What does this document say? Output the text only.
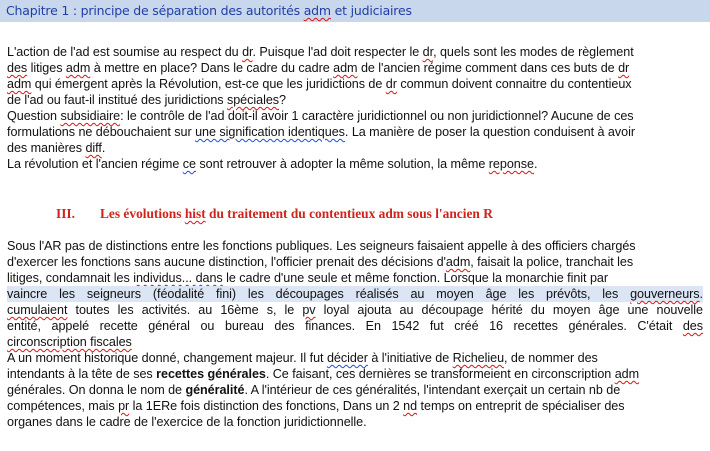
Chapitre 1 : principe de séparation des autorités adm et judiciaires
L'action de l'ad est soumise au respect du dr. Puisque l'ad doit respecter le dr, quels sont les modes de règlement
des litiges adm à mettre en place? Dans le cadre du cadre adm de l'ancien régime comment dans ces buts de dr
adm qui émergent après la Révolution, est-ce que les juridictions de dr commun doivent connaitre du contentieux
de l'ad ou faut-il institué des juridictions spéciales?
Question subsidiaire: le contrôle de l'ad doit-il avoir 1 caractère juridictionnel ou non juridictionnel? Aucune de ces
formulations ne débouchaient sur une signification identiques. La manière de poser la question conduisent à avoir
des manières diff.
La révolution et l'ancien régime ce sont retrouver à adopter la même solution, la même reponse.
III. Les évolutions hist du traitement du contentieux adm sous l'ancien R
Sous l'AR pas de distinctions entre les fonctions publiques. Les seigneurs faisaient appelle à des officiers chargés
d'exercer les fonctions sans aucune distinction, l'officier prenait des décisions d'adm, faisait la police, tranchait les
litiges, condamnait les individus... dans le cadre d'une seule et même fonction. Lorsque la monarchie finit par
vaincre les seigneurs (féodalité fini) les découpages réalisés au moyen âge les prévôts, les gouverneurs.
cumulaient toutes les activités. au 16ème s, le pv loyal ajouta au découpage hérité du moyen âge une nouvelle
entité, appelé recette général ou bureau des finances. En 1542 fut créé 16 recettes générales. C'était des
circonscription fiscales
A un moment historique donné, changement majeur. Il fut décider à l'initiative de Richelieu, de nommer des
intendants à la tête de ses recettes générales. Ce faisant, ces dernières se transformeient en circonscription adm
générales. On donna le nom de généralité. A l'intérieur de ces généralités, l'intendant exerçait un certain nb de
compétences, mais pr la 1ERe fois distinction des fonctions, Dans un 2 nd temps on entreprit de spécialiser des
organes dans le cadre de l'exercice de la fonction juridictionnelle.
